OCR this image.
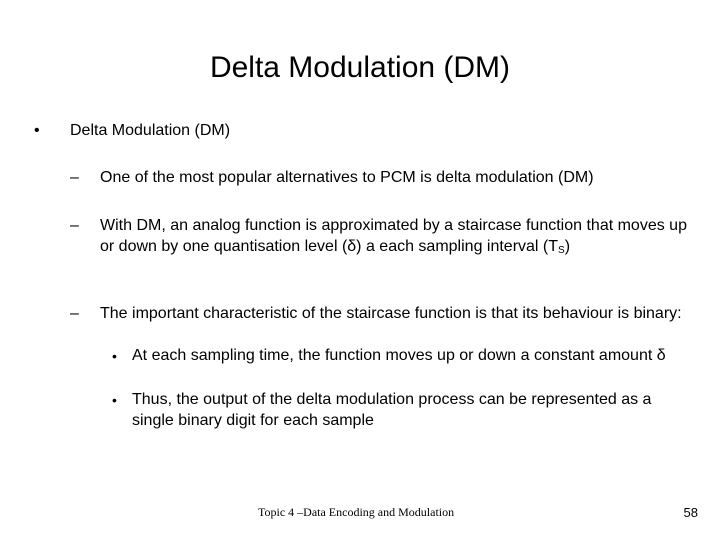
Delta Modulation (DM)
• Delta Modulation (DM)
– One of the most popular alternatives to PCM is delta modulation (DM)
– With DM, an analog function is approximated by a staircase function that moves up or down by one quantisation level (δ) a each sampling interval $(T_S)$
– The important characteristic of the staircase function is that its behaviour is binary:
• At each sampling time, the function moves up or down a constant amount δ
• Thus, the output of the delta modulation process can be represented as a single binary digit for each sample
Topic 4 –Data Encoding and Modulation	58
